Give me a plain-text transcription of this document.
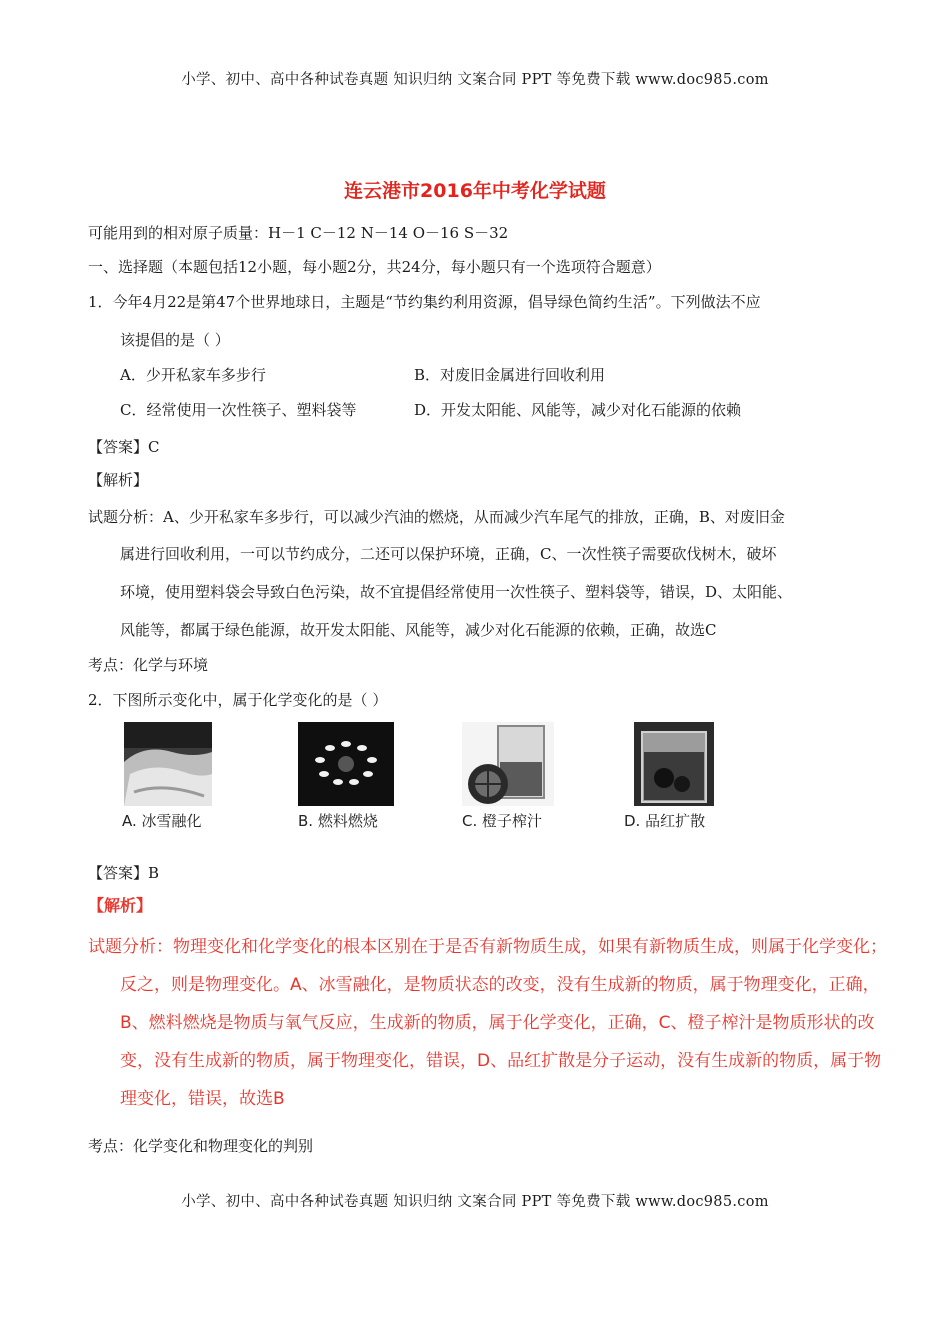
小学、初中、高中各种试卷真题 知识归纳 文案合同 PPT 等免费下载 www.doc985.com
连云港市2016年中考化学试题
可能用到的相对原子质量：H－1 C－12 N－14 O－16 S－32
一、选择题（本题包括12小题，每小题2分，共24分，每小题只有一个选项符合题意）
1．今年4月22是第47个世界地球日，主题是“节约集约利用资源，倡导绿色简约生活”。下列做法不应
该提倡的是（ ）
A．少开私家车多步行	B．对废旧金属进行回收利用
C．经常使用一次性筷子、塑料袋等	D．开发太阳能、风能等，减少对化石能源的依赖
【答案】C
【解析】
试题分析：A、少开私家车多步行，可以减少汽油的燃烧，从而减少汽车尾气的排放，正确，B、对废旧金
属进行回收利用，一可以节约成分，二还可以保护环境，正确，C、一次性筷子需要砍伐树木，破坏
环境，使用塑料袋会导致白色污染，故不宜提倡经常使用一次性筷子、塑料袋等，错误，D、太阳能、
风能等，都属于绿色能源，故开发太阳能、风能等，减少对化石能源的依赖，正确，故选C
考点：化学与环境
2．下图所示变化中，属于化学变化的是（ ）
A. 冰雪融化	B. 燃料燃烧	C. 橙子榨汁	D. 品红扩散
【答案】B
【解析】
试题分析：物理变化和化学变化的根本区别在于是否有新物质生成，如果有新物质生成，则属于化学变化；
反之，则是物理变化。A、冰雪融化，是物质状态的改变，没有生成新的物质，属于物理变化，正确，
B、燃料燃烧是物质与氧气反应，生成新的物质，属于化学变化，正确，C、橙子榨汁是物质形状的改
变，没有生成新的物质，属于物理变化，错误，D、品红扩散是分子运动，没有生成新的物质，属于物
理变化，错误，故选B
考点：化学变化和物理变化的判别
小学、初中、高中各种试卷真题 知识归纳 文案合同 PPT 等免费下载 www.doc985.com
